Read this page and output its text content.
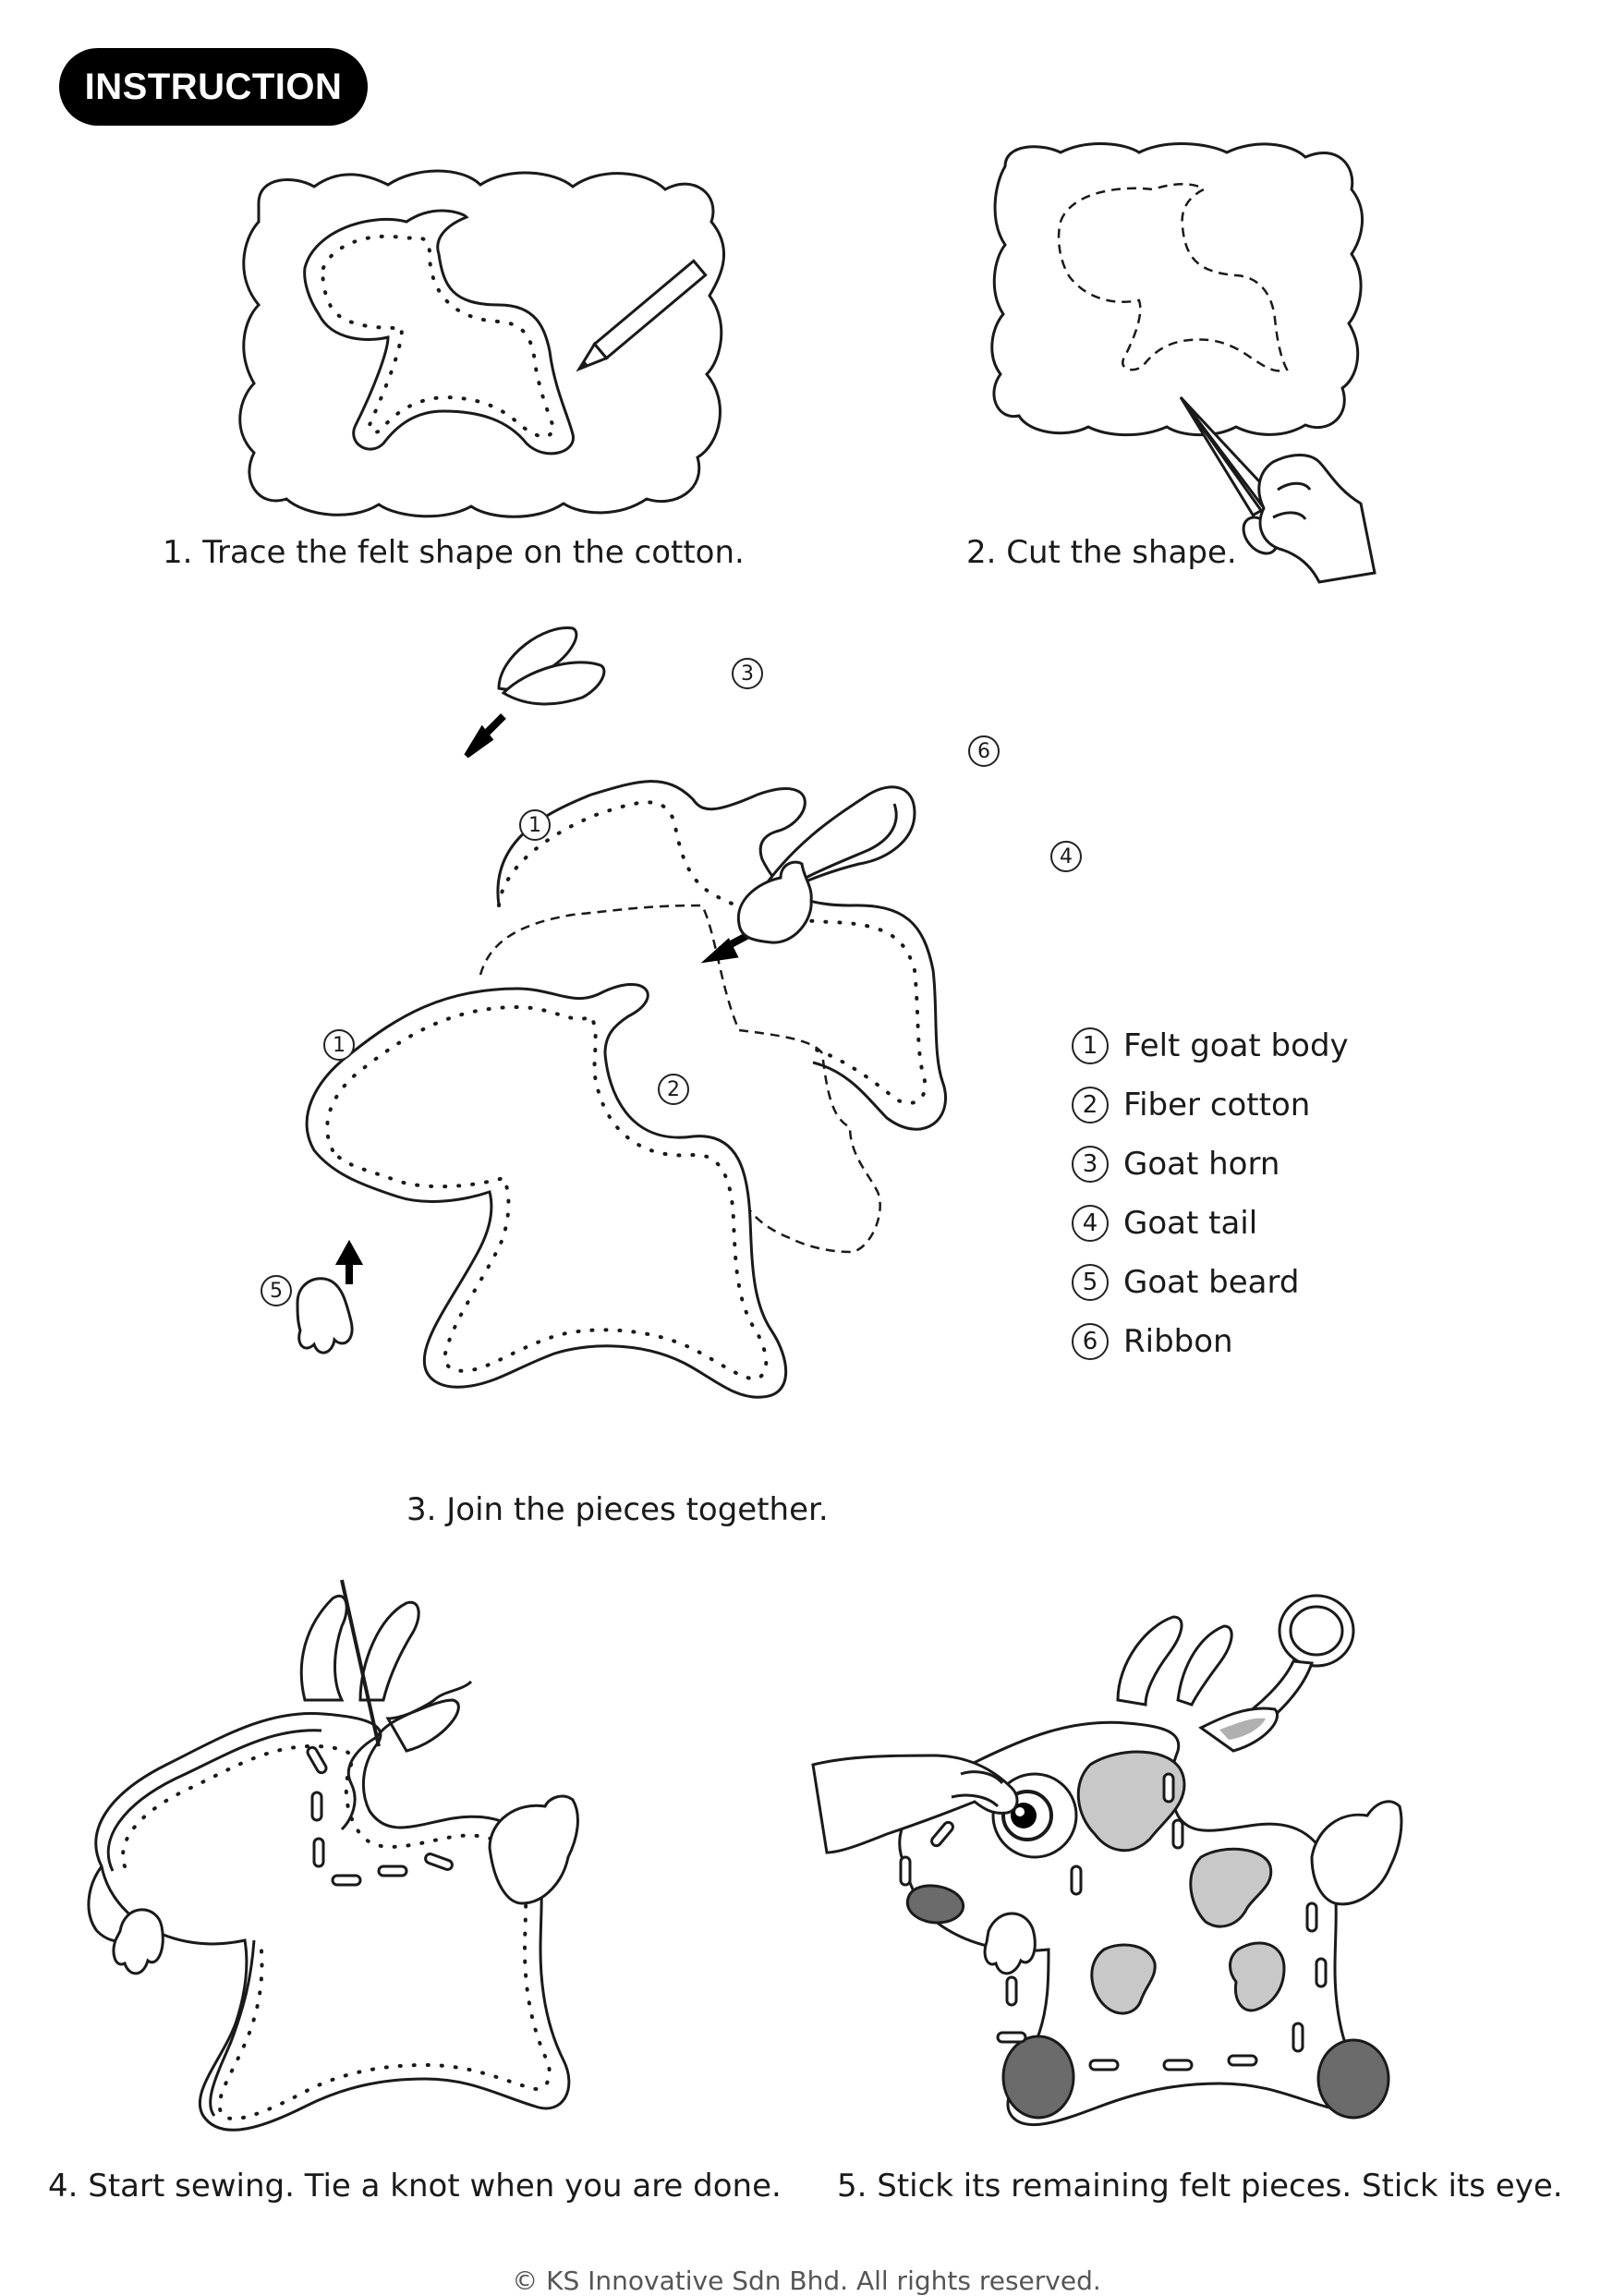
INSTRUCTION
1. Trace the felt shape on the cotton.	2. Cut the shape.
3
6
1
4
1
2
5
1 Felt goat body
2 Fiber cotton
3 Goat horn
4 Goat tail
5 Goat beard
6 Ribbon
3. Join the pieces together.
4. Start sewing. Tie a knot when you are done. 5. Stick its remaining felt pieces. Stick its eye.
© KS Innovative Sdn Bhd. All rights reserved.
